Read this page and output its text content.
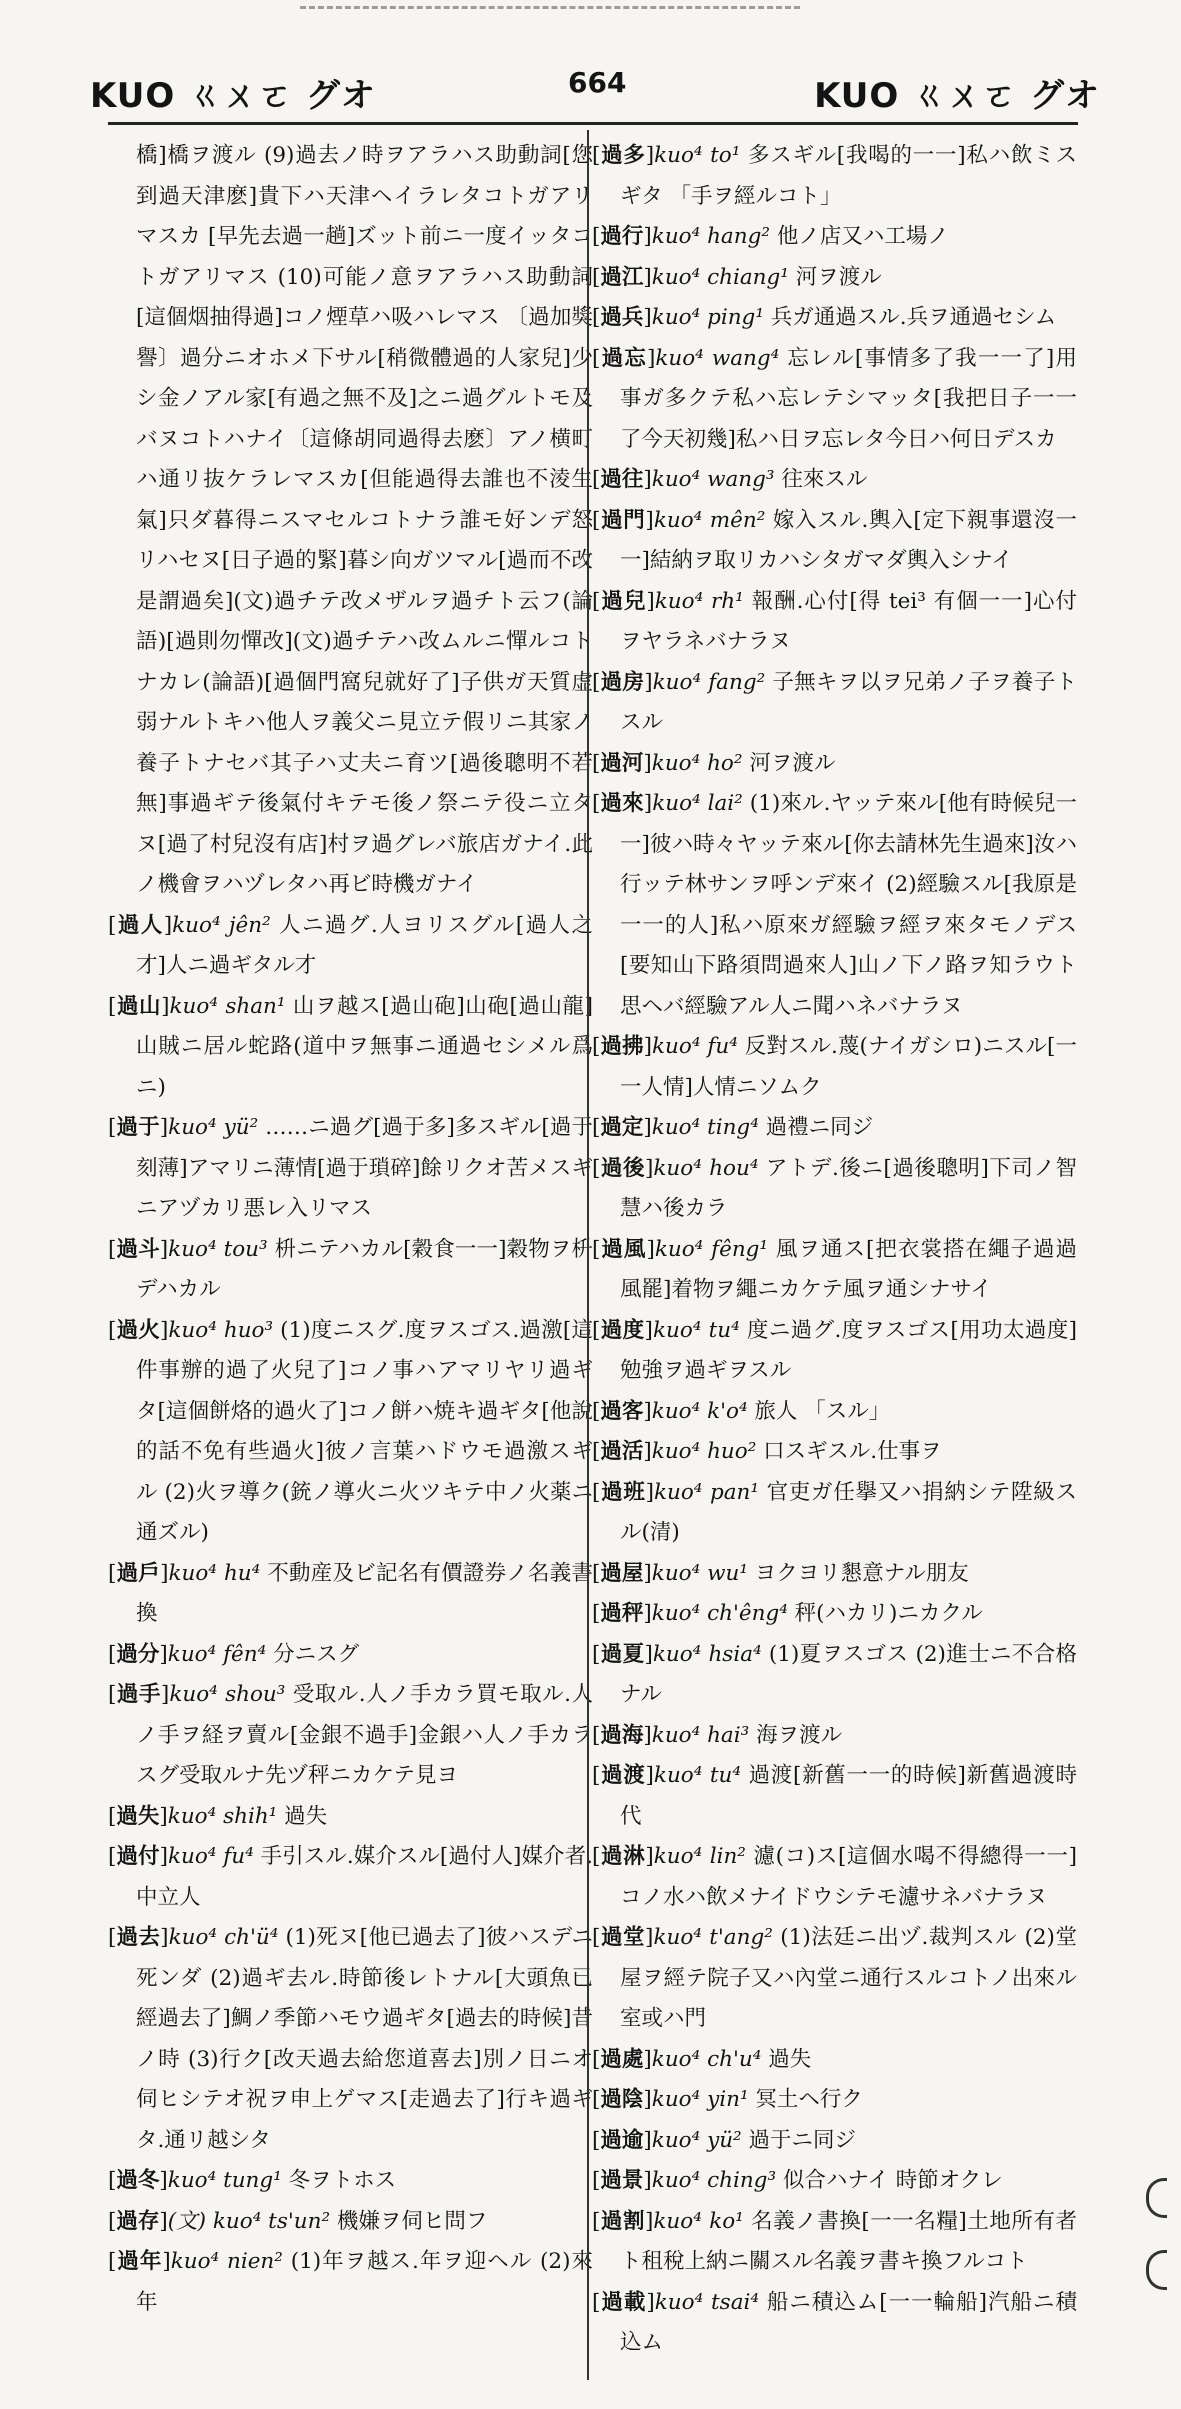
KUO ㄍㄨㄛ グオ	664	KUO ㄍㄨㄛ グオ

橋]橋ヲ渡ル (9)過去ノ時ヲアラハス助動詞[您到過天津麽]貴下ハ天津ヘイラレタコトガアリマスカ [早先去過一趟]ズット前ニ一度イッタコトガアリマス (10)可能ノ意ヲアラハス助動詞[這個烟抽得過]コノ煙草ハ吸ハレマス 〔過加獎譽〕過分ニオホメ下サル[稍微體過的人家兒]少シ金ノアル家[有過之無不及]之ニ過グルトモ及バヌコトハナイ〔這條胡同過得去麽〕アノ横町ハ通リ抜ケラレマスカ[但能過得去誰也不淩生氣]只ダ暮得ニスマセルコトナラ誰モ好ンデ怒リハセヌ[日子過的緊]暮シ向ガツマル[過而不改是謂過矣](文)過チテ改メザルヲ過チト云フ(論語)[過則勿憚改](文)過チテハ改ムルニ憚ルコトナカレ(論語)[過個門窩兒就好了]子供ガ天質虚弱ナルトキハ他人ヲ義父ニ見立テ假リニ其家ノ養子トナセバ其子ハ丈夫ニ育ツ[過後聰明不若無]事過ギテ後氣付キテモ後ノ祭ニテ役ニ立タヌ[過了村兒沒有店]村ヲ過グレバ旅店ガナイ.此ノ機會ヲハヅレタハ再ビ時機ガナイ

[過人]kuo⁴ jên² 人ニ過グ.人ヨリスグル[過人之才]人ニ過ギタル才

[過山]kuo⁴ shan¹ 山ヲ越ス[過山砲]山砲[過山龍]山賊ニ居ル蛇路(道中ヲ無事ニ通過セシメル爲ニ)

[過于]kuo⁴ yü² ……ニ過グ[過于多]多スギル[過于刻薄]アマリニ薄情[過于瑣碎]餘リクオ苦メスギニアヅカリ悪レ入リマス

[過斗]kuo⁴ tou³ 枡ニテハカル[穀食一一]穀物ヲ枡デハカル

[過火]kuo⁴ huo³ (1)度ニスグ.度ヲスゴス.過激[這件事辦的過了火兒了]コノ事ハアマリヤリ過ギタ[這個餅烙的過火了]コノ餅ハ焼キ過ギタ[他說的話不免有些過火]彼ノ言葉ハドウモ過激スギル (2)火ヲ導ク(銃ノ導火ニ火ツキテ中ノ火薬ニ通ズル)

[過戶]kuo⁴ hu⁴ 不動産及ビ記名有價證券ノ名義書換

[過分]kuo⁴ fên⁴ 分ニスグ

[過手]kuo⁴ shou³ 受取ル.人ノ手カラ買モ取ル.人ノ手ヲ経ヲ賣ル[金銀不過手]金銀ハ人ノ手カラスグ受取ルナ先ヅ秤ニカケテ見ヨ

[過失]kuo⁴ shih¹ 過失

[過付]kuo⁴ fu⁴ 手引スル.媒介スル[過付人]媒介者.中立人

[過去]kuo⁴ ch'ü⁴ (1)死ヌ[他已過去了]彼ハスデニ死ンダ (2)過ギ去ル.時節後レトナル[大頭魚已經過去了]鯛ノ季節ハモウ過ギタ[過去的時候]昔ノ時 (3)行ク[改天過去給您道喜去]別ノ日ニオ伺ヒシテオ祝ヲ申上ゲマス[走過去了]行キ過ギタ.通リ越シタ

[過冬]kuo⁴ tung¹ 冬ヲトホス

[過存](文) kuo⁴ ts'un² 機嫌ヲ伺ヒ問フ

[過年]kuo⁴ nien² (1)年ヲ越ス.年ヲ迎ヘル (2)來年

[過多]kuo⁴ to¹ 多スギル[我喝的一一]私ハ飲ミスギタ 「手ヲ經ルコト」

[過行]kuo⁴ hang² 他ノ店又ハ工場ノ

[過江]kuo⁴ chiang¹ 河ヲ渡ル

[過兵]kuo⁴ ping¹ 兵ガ通過スル.兵ヲ通過セシム

[過忘]kuo⁴ wang⁴ 忘レル[事情多了我一一了]用事ガ多クテ私ハ忘レテシマッタ[我把日子一一了今天初幾]私ハ日ヲ忘レタ今日ハ何日デスカ

[過往]kuo⁴ wang³ 往來スル

[過門]kuo⁴ mên² 嫁入スル.輿入[定下親事還沒一一]結納ヲ取リカハシタガマダ輿入シナイ

[過兒]kuo⁴ rh¹ 報酬.心付[得 tei³ 有個一一]心付ヲヤラネバナラヌ

[過房]kuo⁴ fang² 子無キヲ以ヲ兄弟ノ子ヲ養子トスル

[過河]kuo⁴ ho² 河ヲ渡ル

[過來]kuo⁴ lai² (1)來ル.ヤッテ來ル[他有時候兒一一]彼ハ時々ヤッテ來ル[你去請林先生過來]汝ハ行ッテ林サンヲ呼ンデ來イ (2)經驗スル[我原是一一的人]私ハ原來ガ經驗ヲ經ヲ來タモノデス[要知山下路須問過來人]山ノ下ノ路ヲ知ラウト思ヘバ經驗アル人ニ聞ハネバナラヌ

[過拂]kuo⁴ fu⁴ 反對スル.蔑(ナイガシロ)ニスル[一一人情]人情ニソムク

[過定]kuo⁴ ting⁴ 過禮ニ同ジ

[過後]kuo⁴ hou⁴ アトデ.後ニ[過後聰明]下司ノ智慧ハ後カラ

[過風]kuo⁴ fêng¹ 風ヲ通ス[把衣裳搭在繩子過過風罷]着物ヲ繩ニカケテ風ヲ通シナサイ

[過度]kuo⁴ tu⁴ 度ニ過グ.度ヲスゴス[用功太過度]勉強ヲ過ギヲスル

[過客]kuo⁴ k'o⁴ 旅人 「スル」

[過活]kuo⁴ huo² 口スギスル.仕事ヲ

[過班]kuo⁴ pan¹ 官吏ガ任擧又ハ捐納シテ陞級スル(清)

[過屋]kuo⁴ wu¹ ヨクヨリ懇意ナル朋友

[過秤]kuo⁴ ch'êng⁴ 秤(ハカリ)ニカクル

[過夏]kuo⁴ hsia⁴ (1)夏ヲスゴス (2)進士ニ不合格ナル

[過海]kuo⁴ hai³ 海ヲ渡ル

[過渡]kuo⁴ tu⁴ 過渡[新舊一一的時候]新舊過渡時代

[過淋]kuo⁴ lin² 濾(コ)ス[這個水喝不得總得一一]コノ水ハ飲メナイドウシテモ濾サネバナラヌ

[過堂]kuo⁴ t'ang² (1)法廷ニ出ヅ.裁判スル (2)堂屋ヲ經テ院子又ハ內堂ニ通行スルコトノ出來ル室或ハ門

[過處]kuo⁴ ch'u⁴ 過失

[過陰]kuo⁴ yin¹ 冥土ヘ行ク

[過逾]kuo⁴ yü² 過于ニ同ジ

[過景]kuo⁴ ching³ 似合ハナイ 時節オクレ

[過割]kuo⁴ ko¹ 名義ノ書換[一一名糧]土地所有者ト租稅上納ニ關スル名義ヲ書キ換フルコト

[過載]kuo⁴ tsai⁴ 船ニ積込ム[一一輪船]汽船ニ積込ム
